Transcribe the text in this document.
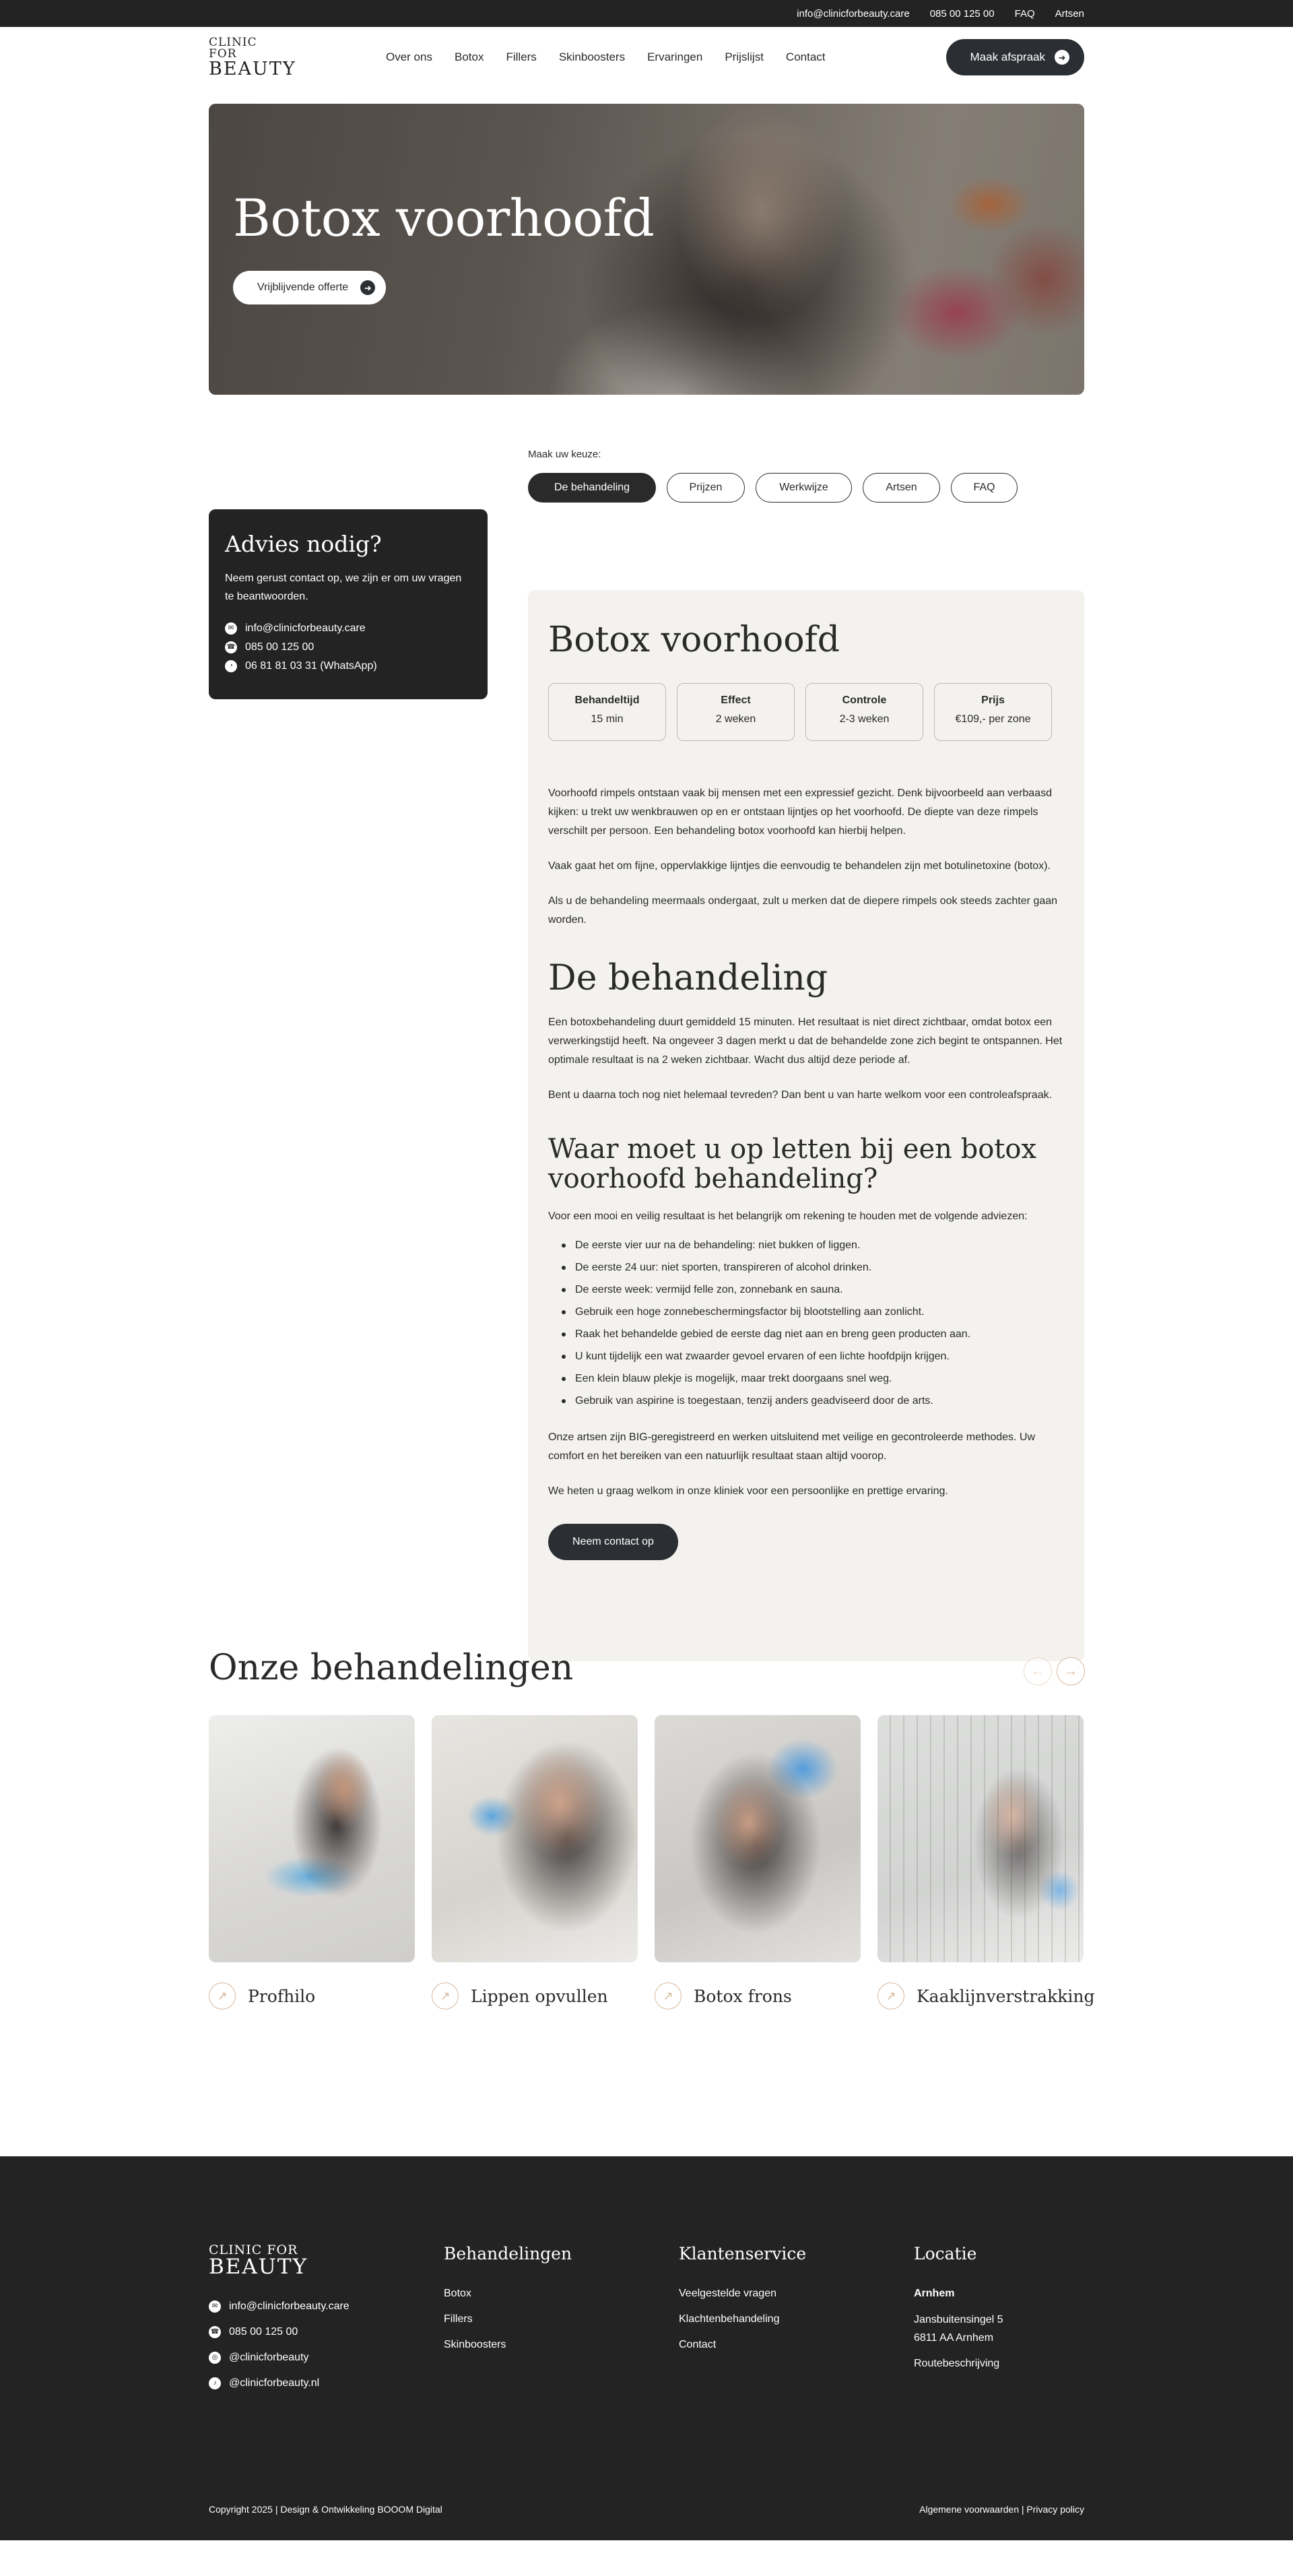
info@clinicforbeauty.care 085 00 125 00 FAQ Artsen
CLINIC FOR
BEAUTY
Over ons Botox Fillers Skinboosters Ervaringen Prijslijst Contact	Maak afspraak	➜
Botox voorhoofd
Vrijblijvende offerte	➜
Advies nodig?

Neem gerust contact op, we zijn er om uw vragen te beantwoorden.

✉	info@clinicforbeauty.care
☎ 085 00 125 00
◔	06 81 81 03 31 (WhatsApp)
Maak uw keuze:
De behandeling	Prijzen	Werkwijze	Artsen	FAQ
Botox voorhoofd
Behandeltijd
15 min
Effect
2 weken
Controle
2-3 weken
Prijs
€109,- per zone

Voorhoofd rimpels ontstaan vaak bij mensen met een expressief gezicht. Denk bijvoorbeeld aan verbaasd kijken: u trekt uw wenkbrauwen op en er ontstaan lijntjes op het voorhoofd. De diepte van deze rimpels verschilt per persoon. Een behandeling botox voorhoofd kan hierbij helpen.

Vaak gaat het om fijne, oppervlakkige lijntjes die eenvoudig te behandelen zijn met botulinetoxine (botox).

Als u de behandeling meermaals ondergaat, zult u merken dat de diepere rimpels ook steeds zachter gaan worden.

De behandeling

Een botoxbehandeling duurt gemiddeld 15 minuten. Het resultaat is niet direct zichtbaar, omdat botox een verwerkingstijd heeft. Na ongeveer 3 dagen merkt u dat de behandelde zone zich begint te ontspannen. Het optimale resultaat is na 2 weken zichtbaar. Wacht dus altijd deze periode af.

Bent u daarna toch nog niet helemaal tevreden? Dan bent u van harte welkom voor een controleafspraak.

Waar moet u op letten bij een botox voorhoofd behandeling?

Voor een mooi en veilig resultaat is het belangrijk om rekening te houden met de volgende adviezen:

De eerste vier uur na de behandeling: niet bukken of liggen.
De eerste 24 uur: niet sporten, transpireren of alcohol drinken.
De eerste week: vermijd felle zon, zonnebank en sauna.
Gebruik een hoge zonnebeschermingsfactor bij blootstelling aan zonlicht.
Raak het behandelde gebied de eerste dag niet aan en breng geen producten aan.
U kunt tijdelijk een wat zwaarder gevoel ervaren of een lichte hoofdpijn krijgen.
Een klein blauw plekje is mogelijk, maar trekt doorgaans snel weg.
Gebruik van aspirine is toegestaan, tenzij anders geadviseerd door de arts.

Onze artsen zijn BIG-geregistreerd en werken uitsluitend met veilige en gecontroleerde methodes. Uw comfort en het bereiken van een natuurlijk resultaat staan altijd voorop.

We heten u graag welkom in onze kliniek voor een persoonlijke en prettige ervaring.

Neem contact op
Onze behandelingen	← →
↗	Profhilo	↗	Lippen opvullen	↗	Botox frons	↗	Kaaklijnverstrakking
CLINIC FOR
BEAUTY
✉	info@clinicforbeauty.care
☎ 085 00 125 00
◎ @clinicforbeauty
♪	@clinicforbeauty.nl
Behandelingen
Botox
Fillers
Skinboosters
Klantenservice
Veelgestelde vragen
Klachtenbehandeling
Contact
Locatie
Arnhem
Jansbuitensingel 5
6811 AA Arnhem
Routebeschrijving
Copyright 2025 | Design & Ontwikkeling BOOOM Digital	Algemene voorwaarden | Privacy policy
